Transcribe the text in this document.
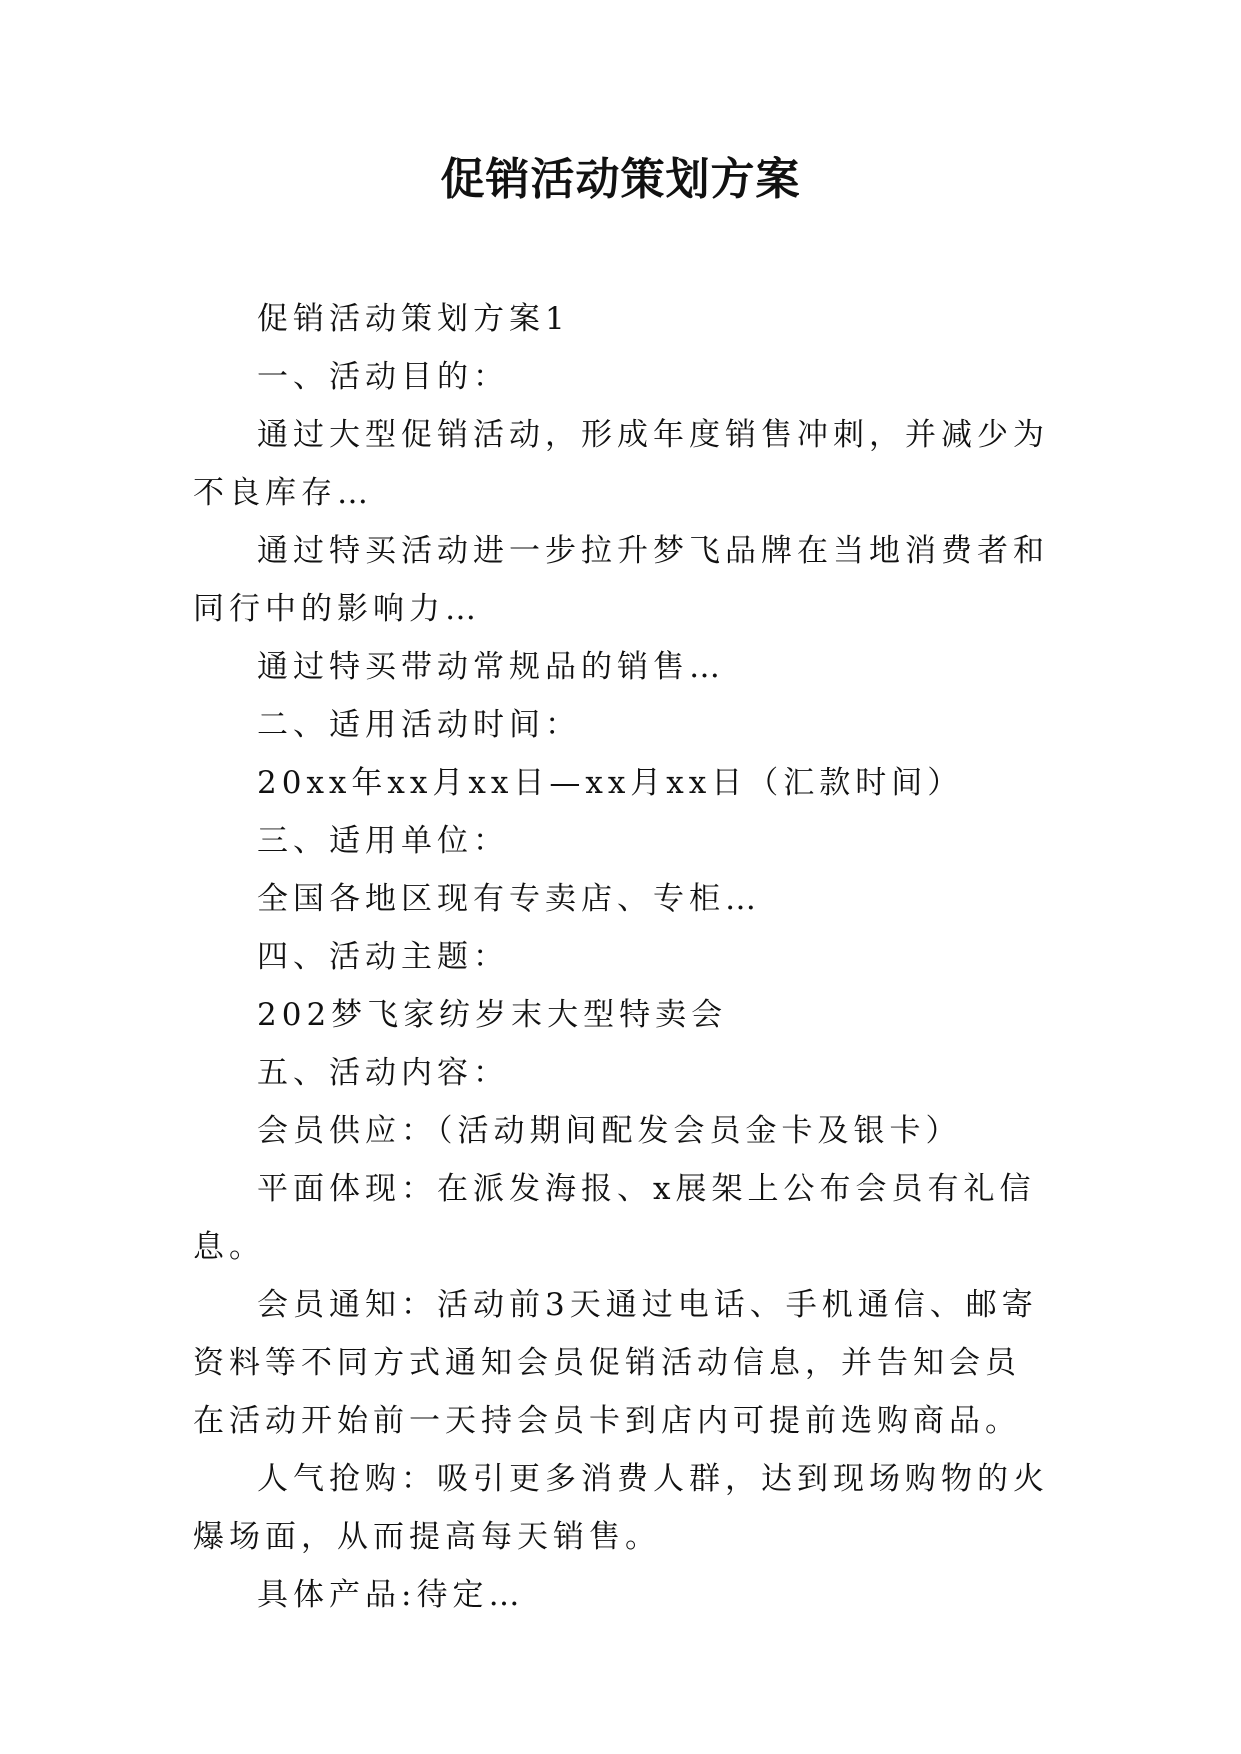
促销活动策划方案

促销活动策划方案1

一、活动目的：

通过大型促销活动，形成年度销售冲刺，并减少为不良库存…

通过特买活动进一步拉升梦飞品牌在当地消费者和同行中的影响力…

通过特买带动常规品的销售…

二、适用活动时间：

20xx年xx月xx日—xx月xx日（汇款时间）

三、适用单位：

全国各地区现有专卖店、专柜…

四、活动主题：

202梦飞家纺岁末大型特卖会

五、活动内容：

会员供应：（活动期间配发会员金卡及银卡）

平面体现：在派发海报、x展架上公布会员有礼信息。

会员通知：活动前3天通过电话、手机通信、邮寄资料等不同方式通知会员促销活动信息，并告知会员在活动开始前一天持会员卡到店内可提前选购商品。

人气抢购：吸引更多消费人群，达到现场购物的火爆场面，从而提高每天销售。

具体产品:待定…
